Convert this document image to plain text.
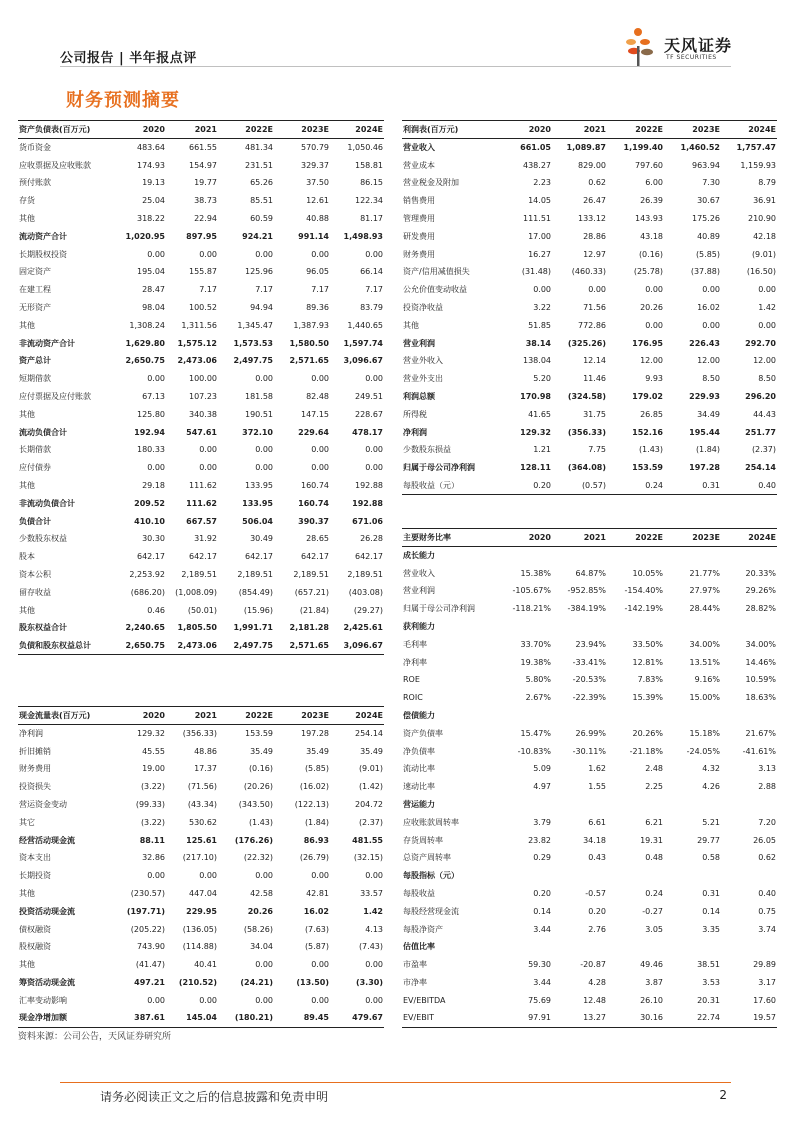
公司报告 | 半年报点评
天风证券
TF SECURITIES
财务预测摘要
资产负债表(百万元)	2020	2021	2022E	2023E	2024E
货币资金	483.64	661.55	481.34	570.79	1,050.46
应收票据及应收账款	174.93	154.97	231.51	329.37	158.81
预付账款	19.13	19.77	65.26	37.50	86.15
存货	25.04	38.73	85.51	12.61	122.34
其他	318.22	22.94	60.59	40.88	81.17
流动资产合计	1,020.95	897.95	924.21	991.14	1,498.93
长期股权投资	0.00	0.00	0.00	0.00	0.00
固定资产	195.04	155.87	125.96	96.05	66.14
在建工程	28.47	7.17	7.17	7.17	7.17
无形资产	98.04	100.52	94.94	89.36	83.79
其他	1,308.24	1,311.56	1,345.47	1,387.93	1,440.65
非流动资产合计	1,629.80	1,575.12	1,573.53	1,580.50	1,597.74
资产总计	2,650.75	2,473.06	2,497.75	2,571.65	3,096.67
短期借款	0.00	100.00	0.00	0.00	0.00
应付票据及应付账款	67.13	107.23	181.58	82.48	249.51
其他	125.80	340.38	190.51	147.15	228.67
流动负债合计	192.94	547.61	372.10	229.64	478.17
长期借款	180.33	0.00	0.00	0.00	0.00
应付债券	0.00	0.00	0.00	0.00	0.00
其他	29.18	111.62	133.95	160.74	192.88
非流动负债合计	209.52	111.62	133.95	160.74	192.88
负债合计	410.10	667.57	506.04	390.37	671.06
少数股东权益	30.30	31.92	30.49	28.65	26.28
股本	642.17	642.17	642.17	642.17	642.17
资本公积	2,253.92	2,189.51	2,189.51	2,189.51	2,189.51
留存收益	(686.20)	(1,008.09)	(854.49)	(657.21)	(403.08)
其他	0.46	(50.01)	(15.96)	(21.84)	(29.27)
股东权益合计	2,240.65	1,805.50	1,991.71	2,181.28	2,425.61
负债和股东权益总计	2,650.75	2,473.06	2,497.75	2,571.65	3,096.67
利润表(百万元)	2020	2021	2022E	2023E	2024E
营业收入	661.05	1,089.87	1,199.40	1,460.52	1,757.47
营业成本	438.27	829.00	797.60	963.94	1,159.93
营业税金及附加	2.23	0.62	6.00	7.30	8.79
销售费用	14.05	26.47	26.39	30.67	36.91
管理费用	111.51	133.12	143.93	175.26	210.90
研发费用	17.00	28.86	43.18	40.89	42.18
财务费用	16.27	12.97	(0.16)	(5.85)	(9.01)
资产/信用减值损失	(31.48)	(460.33)	(25.78)	(37.88)	(16.50)
公允价值变动收益	0.00	0.00	0.00	0.00	0.00
投资净收益	3.22	71.56	20.26	16.02	1.42
其他	51.85	772.86	0.00	0.00	0.00
营业利润	38.14	(325.26)	176.95	226.43	292.70
营业外收入	138.04	12.14	12.00	12.00	12.00
营业外支出	5.20	11.46	9.93	8.50	8.50
利润总额	170.98	(324.58)	179.02	229.93	296.20
所得税	41.65	31.75	26.85	34.49	44.43
净利润	129.32	(356.33)	152.16	195.44	251.77
少数股东损益	1.21	7.75	(1.43)	(1.84)	(2.37)
归属于母公司净利润	128.11	(364.08)	153.59	197.28	254.14
每股收益（元）	0.20	(0.57)	0.24	0.31	0.40
主要财务比率	2020	2021	2022E	2023E	2024E
成长能力					
营业收入	15.38%	64.87%	10.05%	21.77%	20.33%
营业利润	-105.67%	-952.85%	-154.40%	27.97%	29.26%
归属于母公司净利润	-118.21%	-384.19%	-142.19%	28.44%	28.82%
获利能力					
毛利率	33.70%	23.94%	33.50%	34.00%	34.00%
净利率	19.38%	-33.41%	12.81%	13.51%	14.46%
ROE	5.80%	-20.53%	7.83%	9.16%	10.59%
ROIC	2.67%	-22.39%	15.39%	15.00%	18.63%
偿债能力					
资产负债率	15.47%	26.99%	20.26%	15.18%	21.67%
净负债率	-10.83%	-30.11%	-21.18%	-24.05%	-41.61%
流动比率	5.09	1.62	2.48	4.32	3.13
速动比率	4.97	1.55	2.25	4.26	2.88
营运能力					
应收账款周转率	3.79	6.61	6.21	5.21	7.20
存货周转率	23.82	34.18	19.31	29.77	26.05
总资产周转率	0.29	0.43	0.48	0.58	0.62
每股指标（元）					
每股收益	0.20	-0.57	0.24	0.31	0.40
每股经营现金流	0.14	0.20	-0.27	0.14	0.75
每股净资产	3.44	2.76	3.05	3.35	3.74
估值比率					
市盈率	59.30	-20.87	49.46	38.51	29.89
市净率	3.44	4.28	3.87	3.53	3.17
EV/EBITDA	75.69	12.48	26.10	20.31	17.60
EV/EBIT	97.91	13.27	30.16	22.74	19.57
现金流量表(百万元)	2020	2021	2022E	2023E	2024E
净利润	129.32	(356.33)	153.59	197.28	254.14
折旧摊销	45.55	48.86	35.49	35.49	35.49
财务费用	19.00	17.37	(0.16)	(5.85)	(9.01)
投资损失	(3.22)	(71.56)	(20.26)	(16.02)	(1.42)
营运资金变动	(99.33)	(43.34)	(343.50)	(122.13)	204.72
其它	(3.22)	530.62	(1.43)	(1.84)	(2.37)
经营活动现金流	88.11	125.61	(176.26)	86.93	481.55
资本支出	32.86	(217.10)	(22.32)	(26.79)	(32.15)
长期投资	0.00	0.00	0.00	0.00	0.00
其他	(230.57)	447.04	42.58	42.81	33.57
投资活动现金流	(197.71)	229.95	20.26	16.02	1.42
债权融资	(205.22)	(136.05)	(58.26)	(7.63)	4.13
股权融资	743.90	(114.88)	34.04	(5.87)	(7.43)
其他	(41.47)	40.41	0.00	0.00	0.00
筹资活动现金流	497.21	(210.52)	(24.21)	(13.50)	(3.30)
汇率变动影响	0.00	0.00	0.00	0.00	0.00
现金净增加额	387.61	145.04	(180.21)	89.45	479.67
资料来源：公司公告，天风证券研究所
请务必阅读正文之后的信息披露和免责申明	2
